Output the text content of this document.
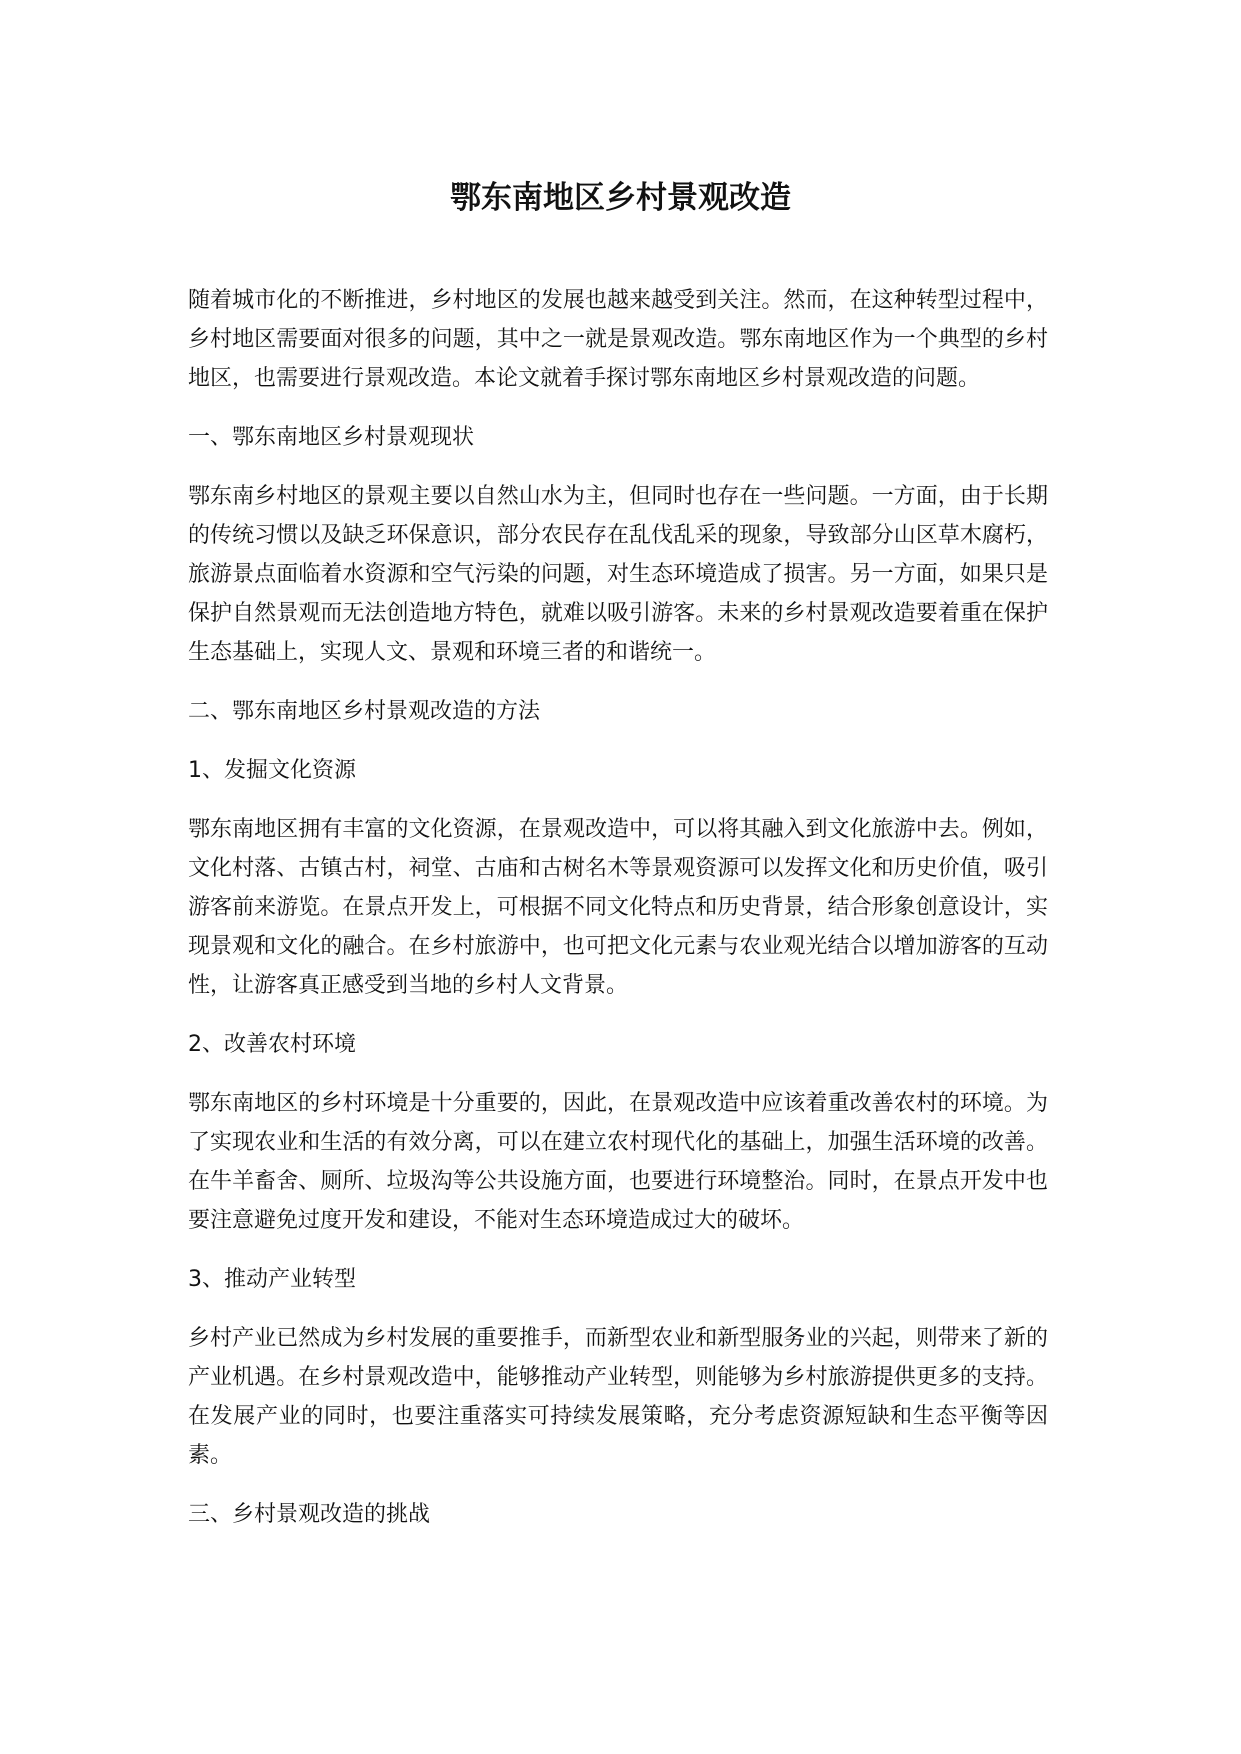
鄂东南地区乡村景观改造

随着城市化的不断推进，乡村地区的发展也越来越受到关注。然而，在这种转型过程中，乡村地区需要面对很多的问题，其中之一就是景观改造。鄂东南地区作为一个典型的乡村地区，也需要进行景观改造。本论文就着手探讨鄂东南地区乡村景观改造的问题。

一、鄂东南地区乡村景观现状

鄂东南乡村地区的景观主要以自然山水为主，但同时也存在一些问题。一方面，由于长期的传统习惯以及缺乏环保意识，部分农民存在乱伐乱采的现象，导致部分山区草木腐朽，旅游景点面临着水资源和空气污染的问题，对生态环境造成了损害。另一方面，如果只是保护自然景观而无法创造地方特色，就难以吸引游客。未来的乡村景观改造要着重在保护生态基础上，实现人文、景观和环境三者的和谐统一。

二、鄂东南地区乡村景观改造的方法

1、发掘文化资源

鄂东南地区拥有丰富的文化资源，在景观改造中，可以将其融入到文化旅游中去。例如，文化村落、古镇古村，祠堂、古庙和古树名木等景观资源可以发挥文化和历史价值，吸引游客前来游览。在景点开发上，可根据不同文化特点和历史背景，结合形象创意设计，实现景观和文化的融合。在乡村旅游中，也可把文化元素与农业观光结合以增加游客的互动性，让游客真正感受到当地的乡村人文背景。

2、改善农村环境

鄂东南地区的乡村环境是十分重要的，因此，在景观改造中应该着重改善农村的环境。为了实现农业和生活的有效分离，可以在建立农村现代化的基础上，加强生活环境的改善。在牛羊畜舍、厕所、垃圾沟等公共设施方面，也要进行环境整治。同时，在景点开发中也要注意避免过度开发和建设，不能对生态环境造成过大的破坏。

3、推动产业转型

乡村产业已然成为乡村发展的重要推手，而新型农业和新型服务业的兴起，则带来了新的产业机遇。在乡村景观改造中，能够推动产业转型，则能够为乡村旅游提供更多的支持。在发展产业的同时，也要注重落实可持续发展策略，充分考虑资源短缺和生态平衡等因素。

三、乡村景观改造的挑战
